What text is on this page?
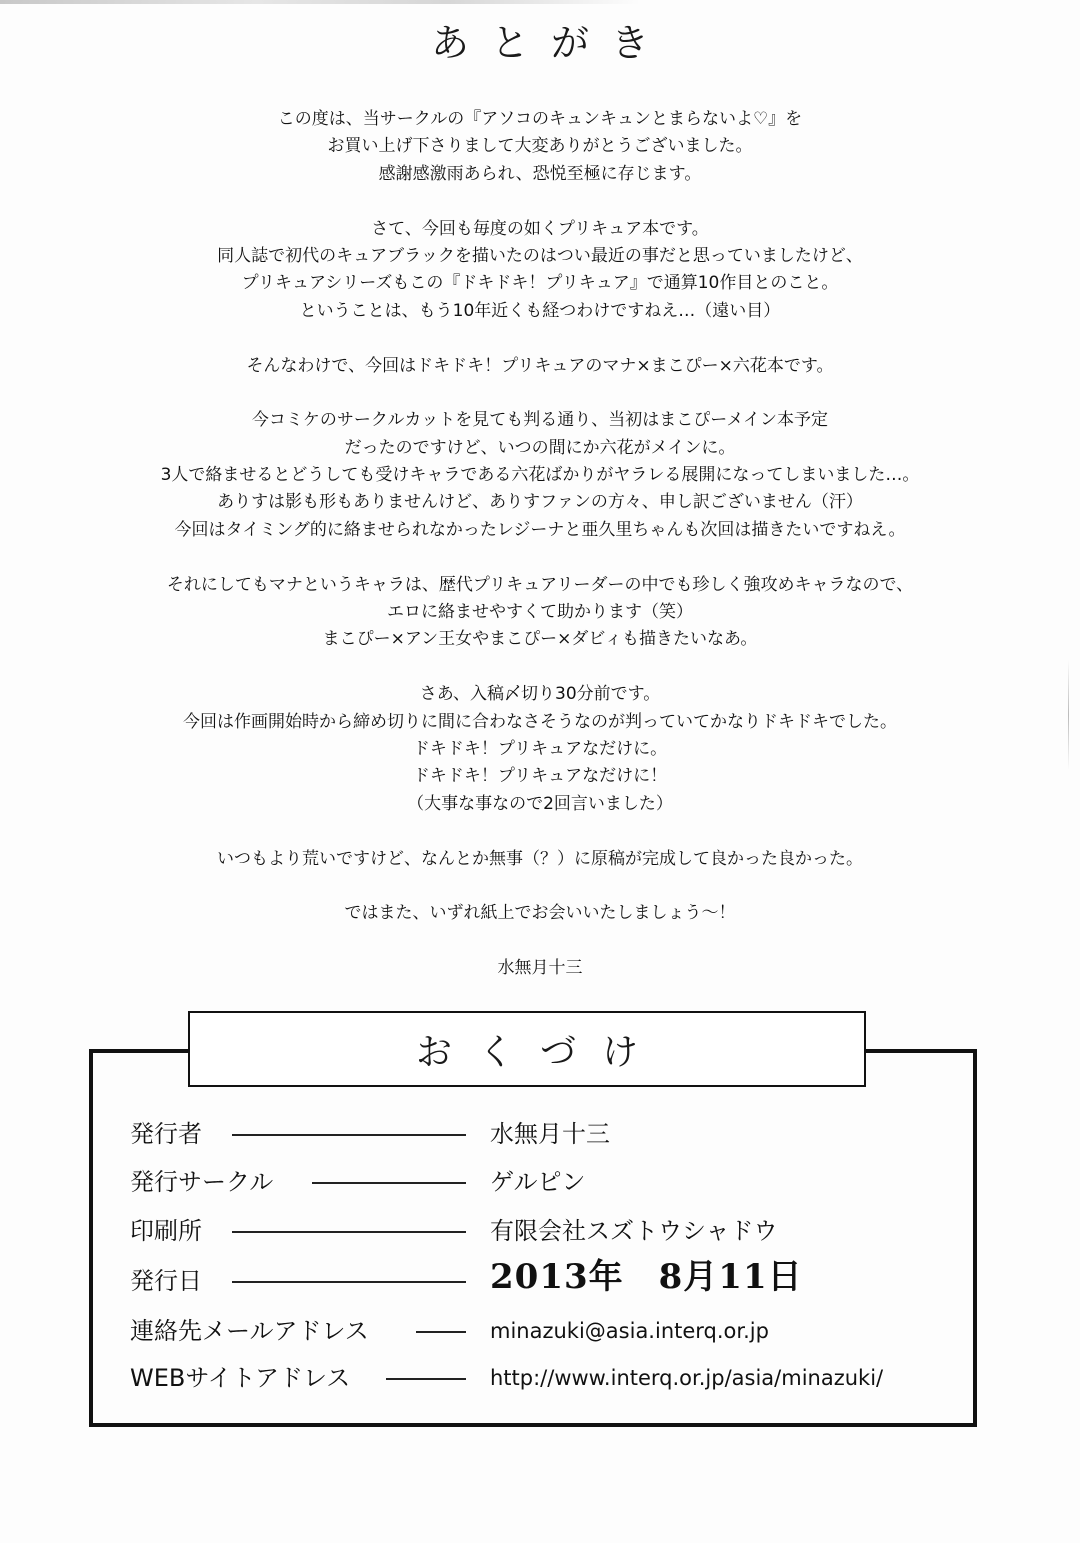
あとがき
この度は、当サークルの『アソコのキュンキュンとまらないよ♡』を
お買い上げ下さりまして大変ありがとうございました。
感謝感激雨あられ、恐悦至極に存じます。
さて、今回も毎度の如くプリキュア本です。
同人誌で初代のキュアブラックを描いたのはつい最近の事だと思っていましたけど、
プリキュアシリーズもこの『ドキドキ！プリキュア』で通算10作目とのこと。
ということは、もう10年近くも経つわけですねえ…（遠い目）
そんなわけで、今回はドキドキ！プリキュアのマナ×まこぴー×六花本です。
今コミケのサークルカットを見ても判る通り、当初はまこぴーメイン本予定
だったのですけど、いつの間にか六花がメインに。
3人で絡ませるとどうしても受けキャラである六花ばかりがヤラレる展開になってしまいました…。
ありすは影も形もありませんけど、ありすファンの方々、申し訳ございません（汗）
今回はタイミング的に絡ませられなかったレジーナと亜久里ちゃんも次回は描きたいですねえ。
それにしてもマナというキャラは、歴代プリキュアリーダーの中でも珍しく強攻めキャラなので、
エロに絡ませやすくて助かります（笑）
まこぴー×アン王女やまこぴー×ダビィも描きたいなあ。
さあ、入稿〆切り30分前です。
今回は作画開始時から締め切りに間に合わなさそうなのが判っていてかなりドキドキでした。
ドキドキ！プリキュアなだけに。
ドキドキ！プリキュアなだけに！
（大事な事なので2回言いました）
いつもより荒いですけど、なんとか無事（？）に原稿が完成して良かった良かった。
ではまた、いずれ紙上でお会いいたしましょう～！
水無月十三
おくづけ
発行者	水無月十三
発行サークル	ゲルピン
印刷所	有限会社スズトウシャドウ
発行日	2013年　8月11日
連絡先メールアドレス	minazuki@asia.interq.or.jp
WEBサイトアドレス	http://www.interq.or.jp/asia/minazuki/
